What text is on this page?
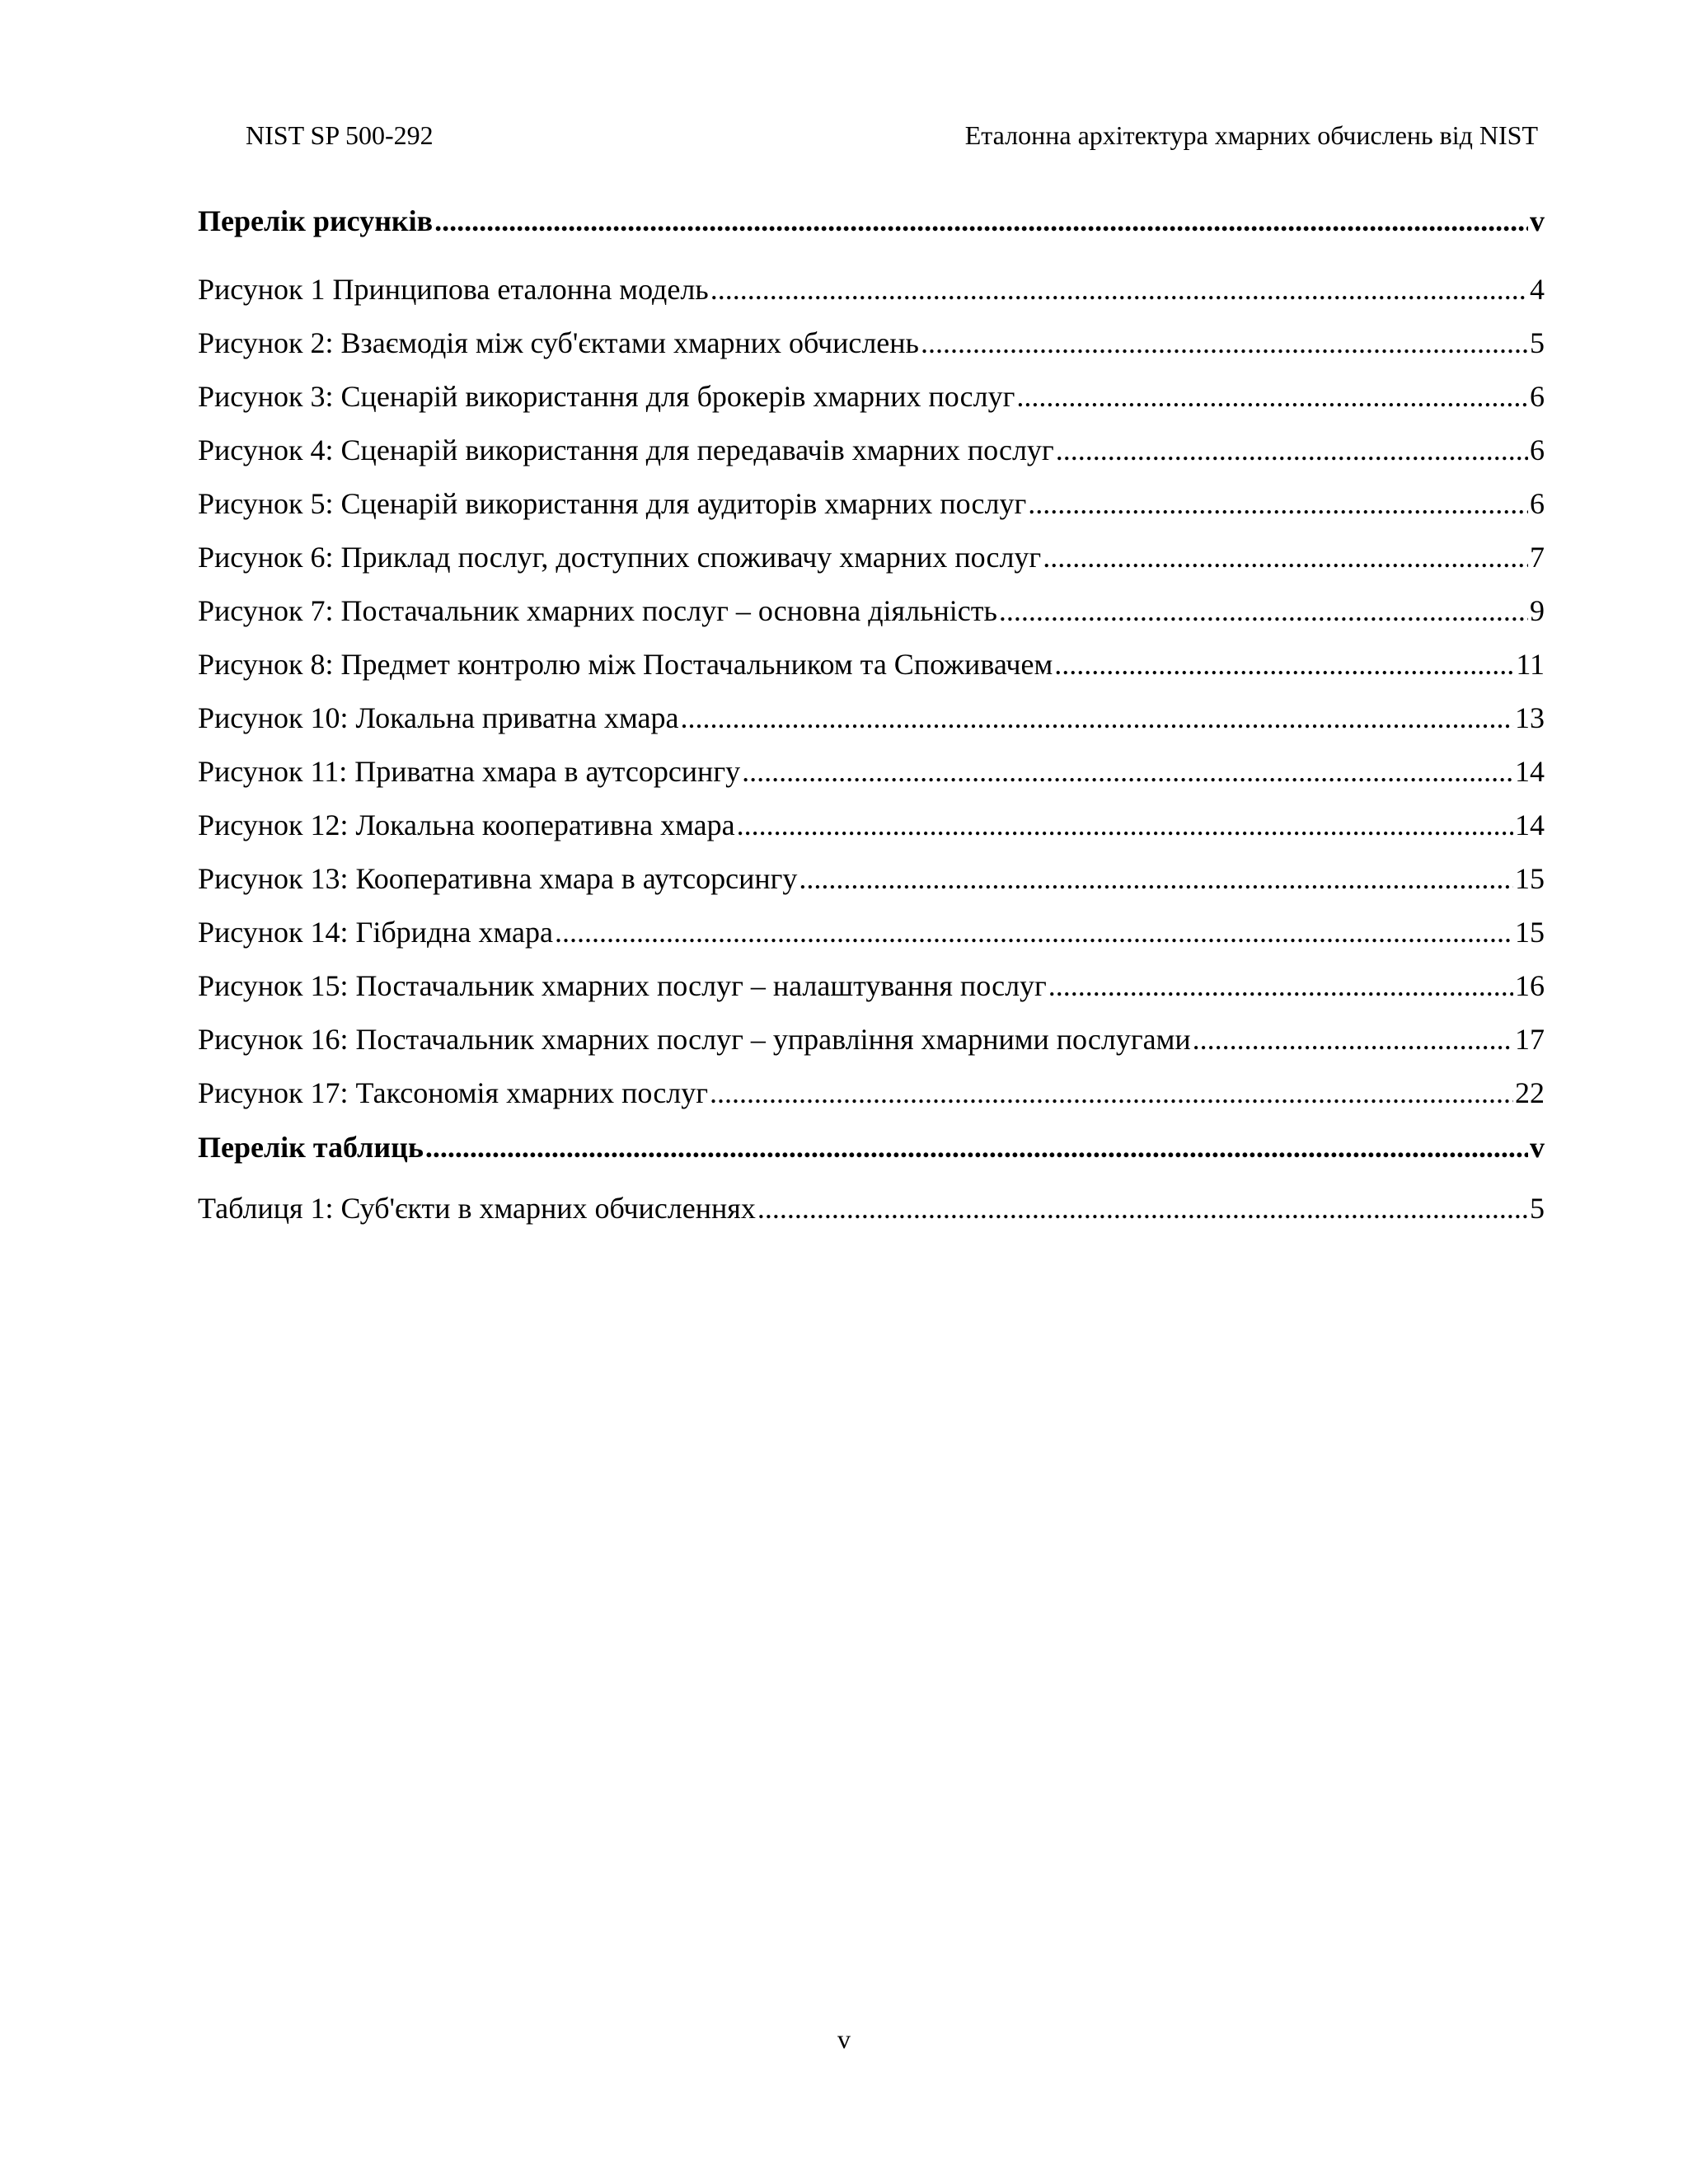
NIST SP 500-292	Еталонна архітектура хмарних обчислень від NIST
Перелік рисунків .....	v
Рисунок 1 Принципова еталонна модель .....	4
Рисунок 2: Взаємодія між суб'єктами хмарних обчислень .....	5
Рисунок 3: Сценарій використання для брокерів хмарних послуг .....	6
Рисунок 4: Сценарій використання для передавачів хмарних послуг .....	6
Рисунок 5: Сценарій використання для аудиторів хмарних послуг .....	6
Рисунок 6: Приклад послуг, доступних споживачу хмарних послуг .....	7
Рисунок 7: Постачальник хмарних послуг – основна діяльність .....	9
Рисунок 8: Предмет контролю між Постачальником та Споживачем .....	11
Рисунок 10: Локальна приватна хмара .....	13
Рисунок 11: Приватна хмара в аутсорсингу .....	14
Рисунок 12: Локальна кооперативна хмара .....	14
Рисунок 13: Кооперативна хмара в аутсорсингу .....	15
Рисунок 14: Гібридна хмара .....	15
Рисунок 15: Постачальник хмарних послуг – налаштування послуг .....	16
Рисунок 16: Постачальник хмарних послуг – управління хмарними послугами .....	17
Рисунок 17: Таксономія хмарних послуг .....	22
Перелік таблиць .....	v
Таблиця 1: Суб'єкти в хмарних обчисленнях .....	5
v
